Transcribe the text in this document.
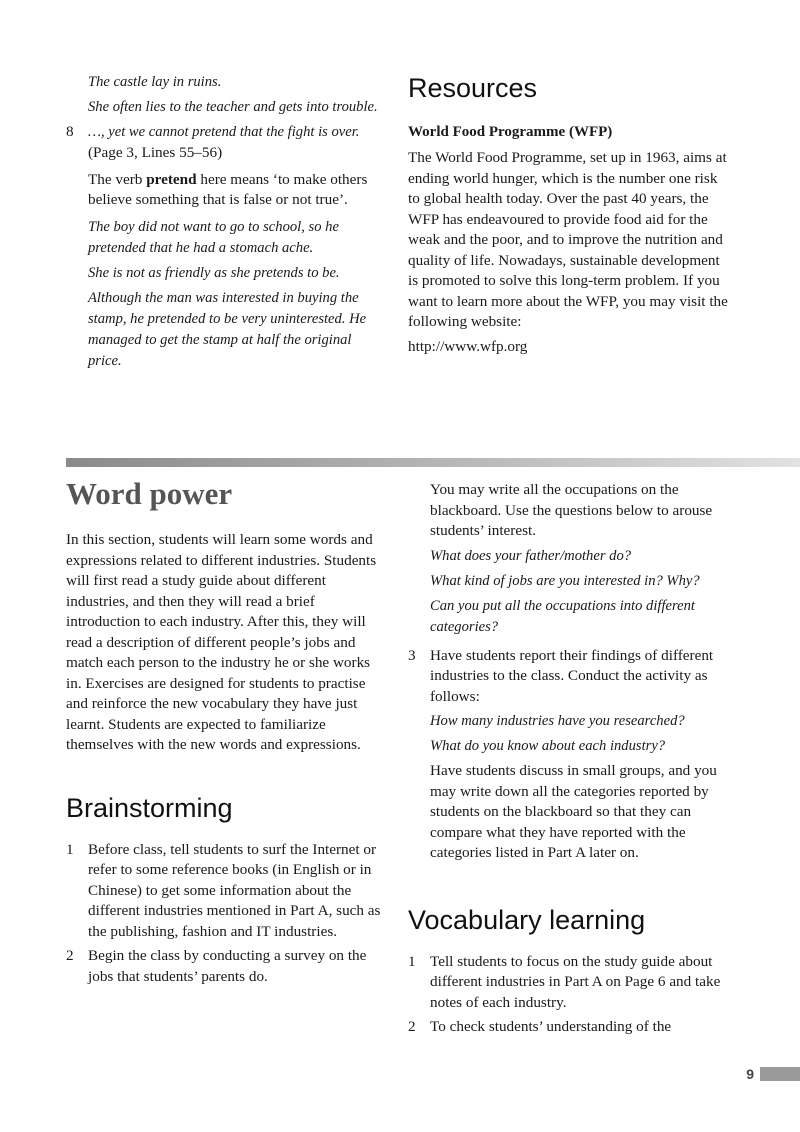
The castle lay in ruins.

She often lies to the teacher and gets into trouble.

8 …, yet we cannot pretend that the fight is over. (Page 3, Lines 55–56)

The verb pretend here means ‘to make others believe something that is false or not true’.

The boy did not want to go to school, so he pretended that he had a stomach ache.

She is not as friendly as she pretends to be.

Although the man was interested in buying the stamp, he pretended to be very uninterested. He managed to get the stamp at half the original price.

Resources

World Food Programme (WFP)

The World Food Programme, set up in 1963, aims at ending world hunger, which is the number one risk to global health today. Over the past 40 years, the WFP has endeavoured to provide food aid for the weak and the poor, and to improve the nutrition and quality of life. Nowadays, sustainable development is promoted to solve this long-term problem. If you want to learn more about the WFP, you may visit the following website:

http://www.wfp.org

Word power

In this section, students will learn some words and expressions related to different industries. Students will first read a study guide about different industries, and then they will read a brief introduction to each industry. After this, they will read a description of different people’s jobs and match each person to the industry he or she works in. Exercises are designed for students to practise and reinforce the new vocabulary they have just learnt. Students are expected to familiarize themselves with the new words and expressions.

Brainstorming
1 Before class, tell students to surf the Internet or refer to some reference books (in English or in Chinese) to get some information about the different industries mentioned in Part A, such as the publishing, fashion and IT industries.

2 Begin the class by conducting a survey on the jobs that students’ parents do.

You may write all the occupations on the blackboard. Use the questions below to arouse students’ interest.

What does your father/mother do?

What kind of jobs are you interested in? Why?

Can you put all the occupations into different categories?

3 Have students report their findings of different industries to the class. Conduct the activity as follows:

How many industries have you researched?

What do you know about each industry?

Have students discuss in small groups, and you may write down all the categories reported by students on the blackboard so that they can compare what they have reported with the categories listed in Part A later on.

Vocabulary learning
1 Tell students to focus on the study guide about different industries in Part A on Page 6 and take notes of each industry.

2 To check students’ understanding of the

9
